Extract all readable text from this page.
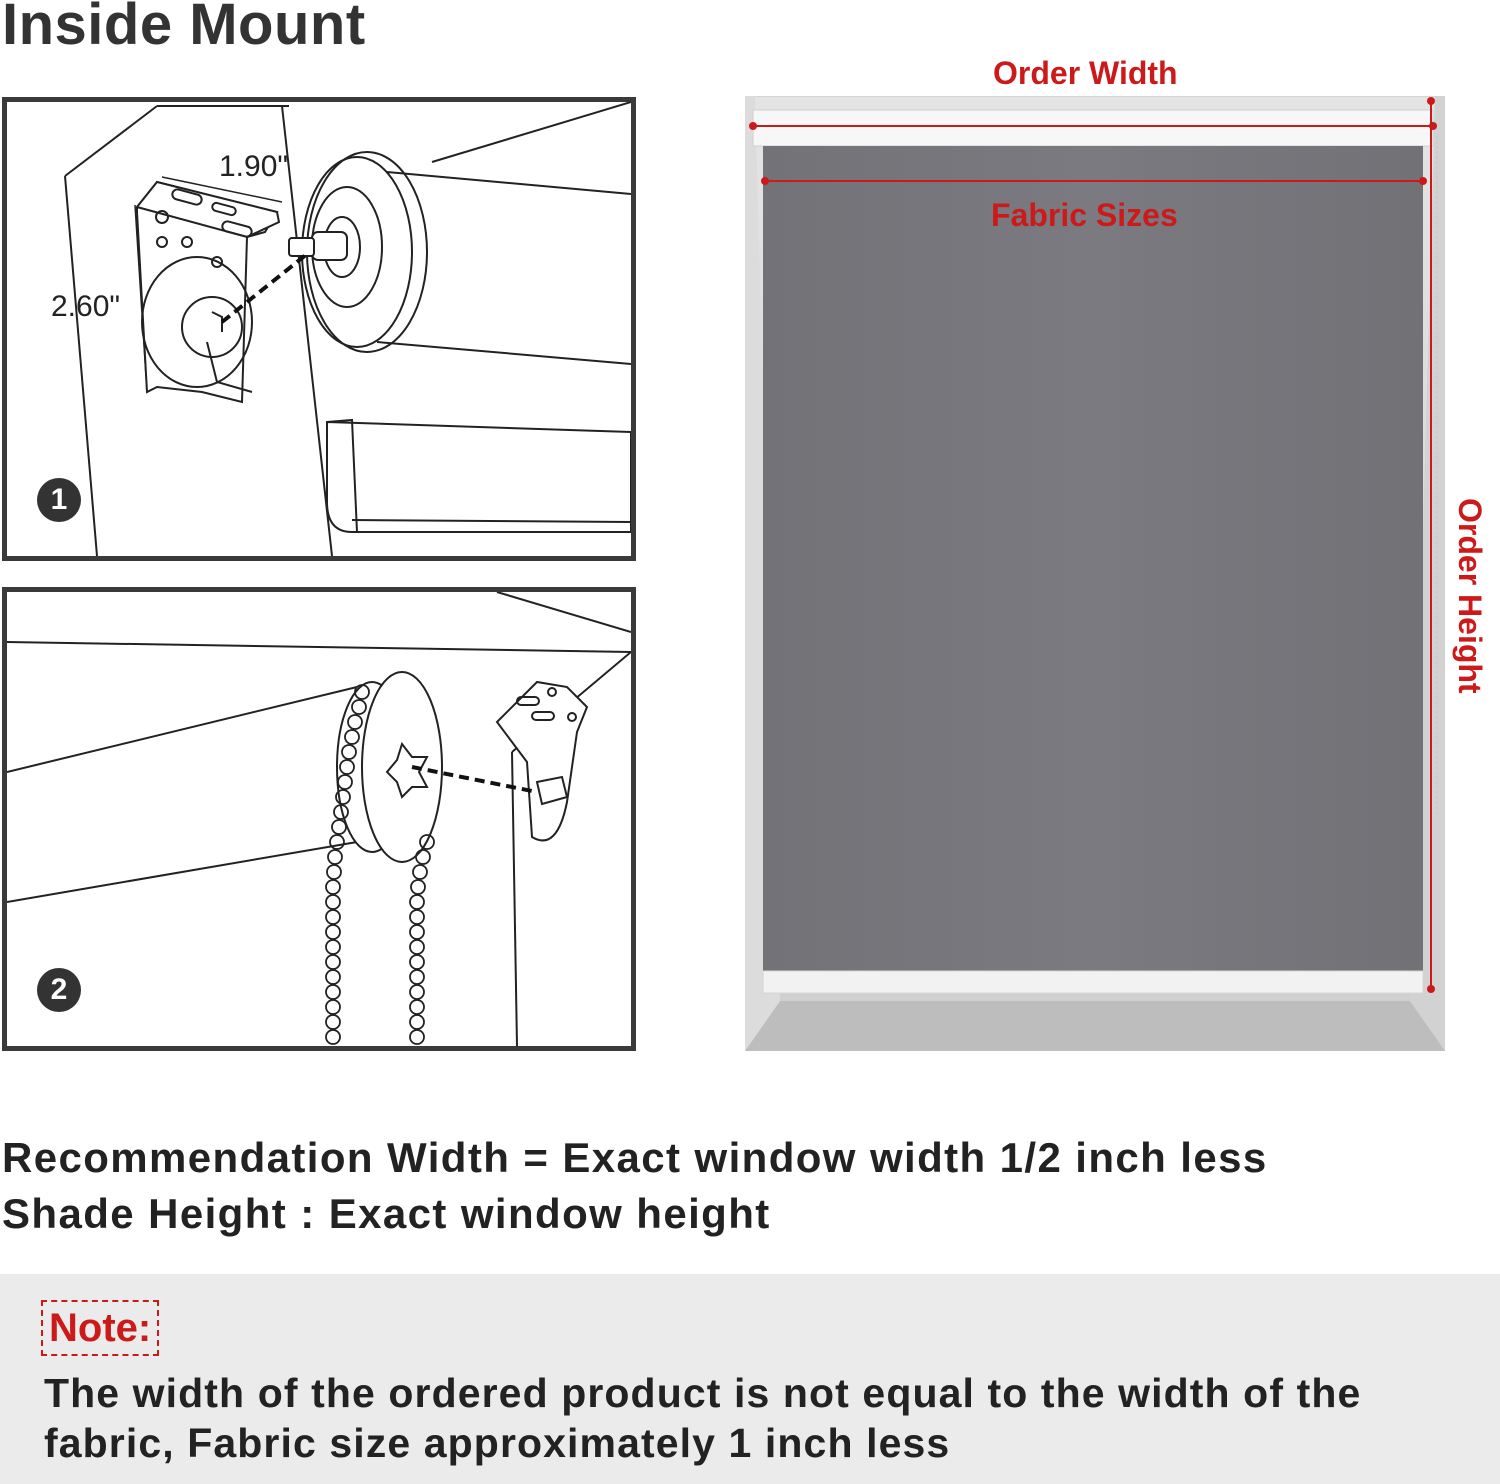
Inside Mount
1.90"
2.60"
1
2
Order Width
Fabric Sizes
Order Height
Recommendation Width = Exact window width 1/2 inch less
Shade Height : Exact window height
Note:
The width of the ordered product is not equal to the width of the fabric, Fabric size approximately 1 inch less
